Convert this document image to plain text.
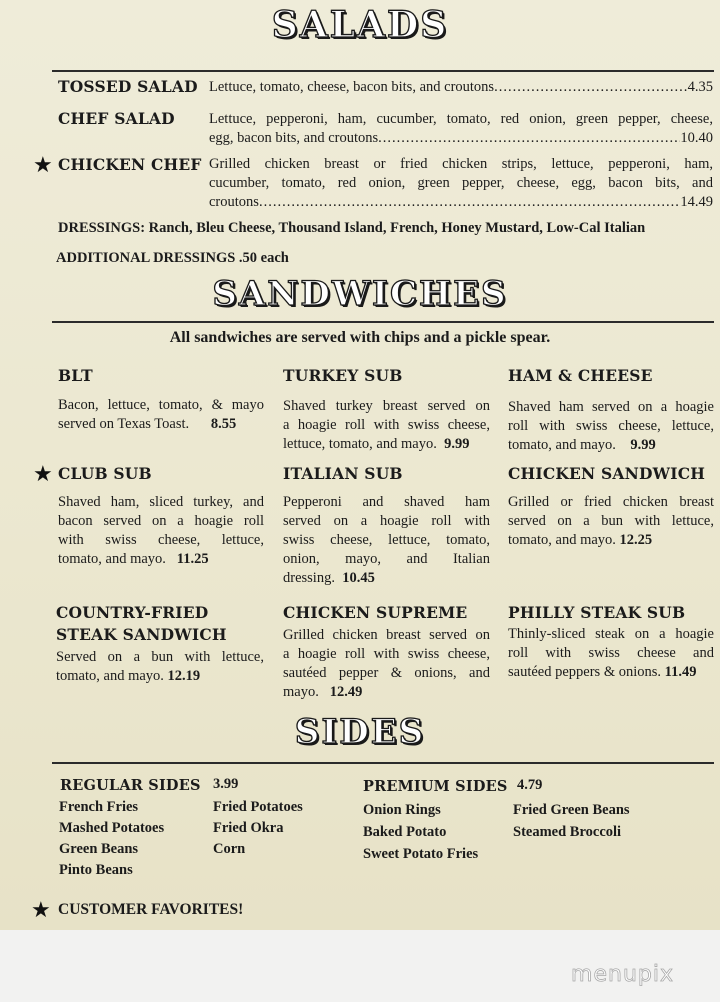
SALADS
TOSSED SALAD Lettuce, tomato, cheese, bacon bits, and croutons .....	4.35
CHEF SALAD Lettuce, pepperoni, ham, cucumber, tomato, red onion, green pepper, cheese,
egg, bacon bits, and croutons .....	10.40
★ CHICKEN CHEF Grilled chicken breast or fried chicken strips, lettuce, pepperoni, ham,
cucumber, tomato, red onion, green pepper, cheese, egg, bacon bits, and
croutons .....	14.49
DRESSINGS: Ranch, Bleu Cheese, Thousand Island, French, Honey Mustard, Low-Cal Italian
ADDITIONAL DRESSINGS .50 each
SANDWICHES
All sandwiches are served with chips and a pickle spear.
BLT
Bacon, lettuce, tomato, & mayo
served on Texas Toast. 8.55
TURKEY SUB
Shaved turkey breast served on
a hoagie roll with swiss cheese,
lettuce, tomato, and mayo. 9.99
HAM & CHEESE
Shaved ham served on a hoagie
roll with swiss cheese, lettuce,
tomato, and mayo. 9.99
★ CLUB SUB
Shaved ham, sliced turkey, and
bacon served on a hoagie roll
with swiss cheese, lettuce,
tomato, and mayo. 11.25
ITALIAN SUB
Pepperoni and shaved ham
served on a hoagie roll with
swiss cheese, lettuce, tomato,
onion, mayo, and Italian
dressing. 10.45
CHICKEN SANDWICH
Grilled or fried chicken breast
served on a bun with lettuce,
tomato, and mayo. 12.25
COUNTRY-FRIED
STEAK SANDWICH
Served on a bun with lettuce,
tomato, and mayo. 12.19
CHICKEN SUPREME
Grilled chicken breast served on
a hoagie roll with swiss cheese,
sautéed pepper & onions, and
mayo. 12.49
PHILLY STEAK SUB
Thinly-sliced steak on a hoagie
roll with swiss cheese and
sautéed peppers & onions. 11.49
SIDES
REGULAR SIDES 3.99
French Fries
Mashed Potatoes
Green Beans
Pinto Beans
Fried Potatoes
Fried Okra
Corn
PREMIUM SIDES 4.79
Onion Rings
Baked Potato
Sweet Potato Fries
Fried Green Beans
Steamed Broccoli
★ CUSTOMER FAVORITES!
menupix
